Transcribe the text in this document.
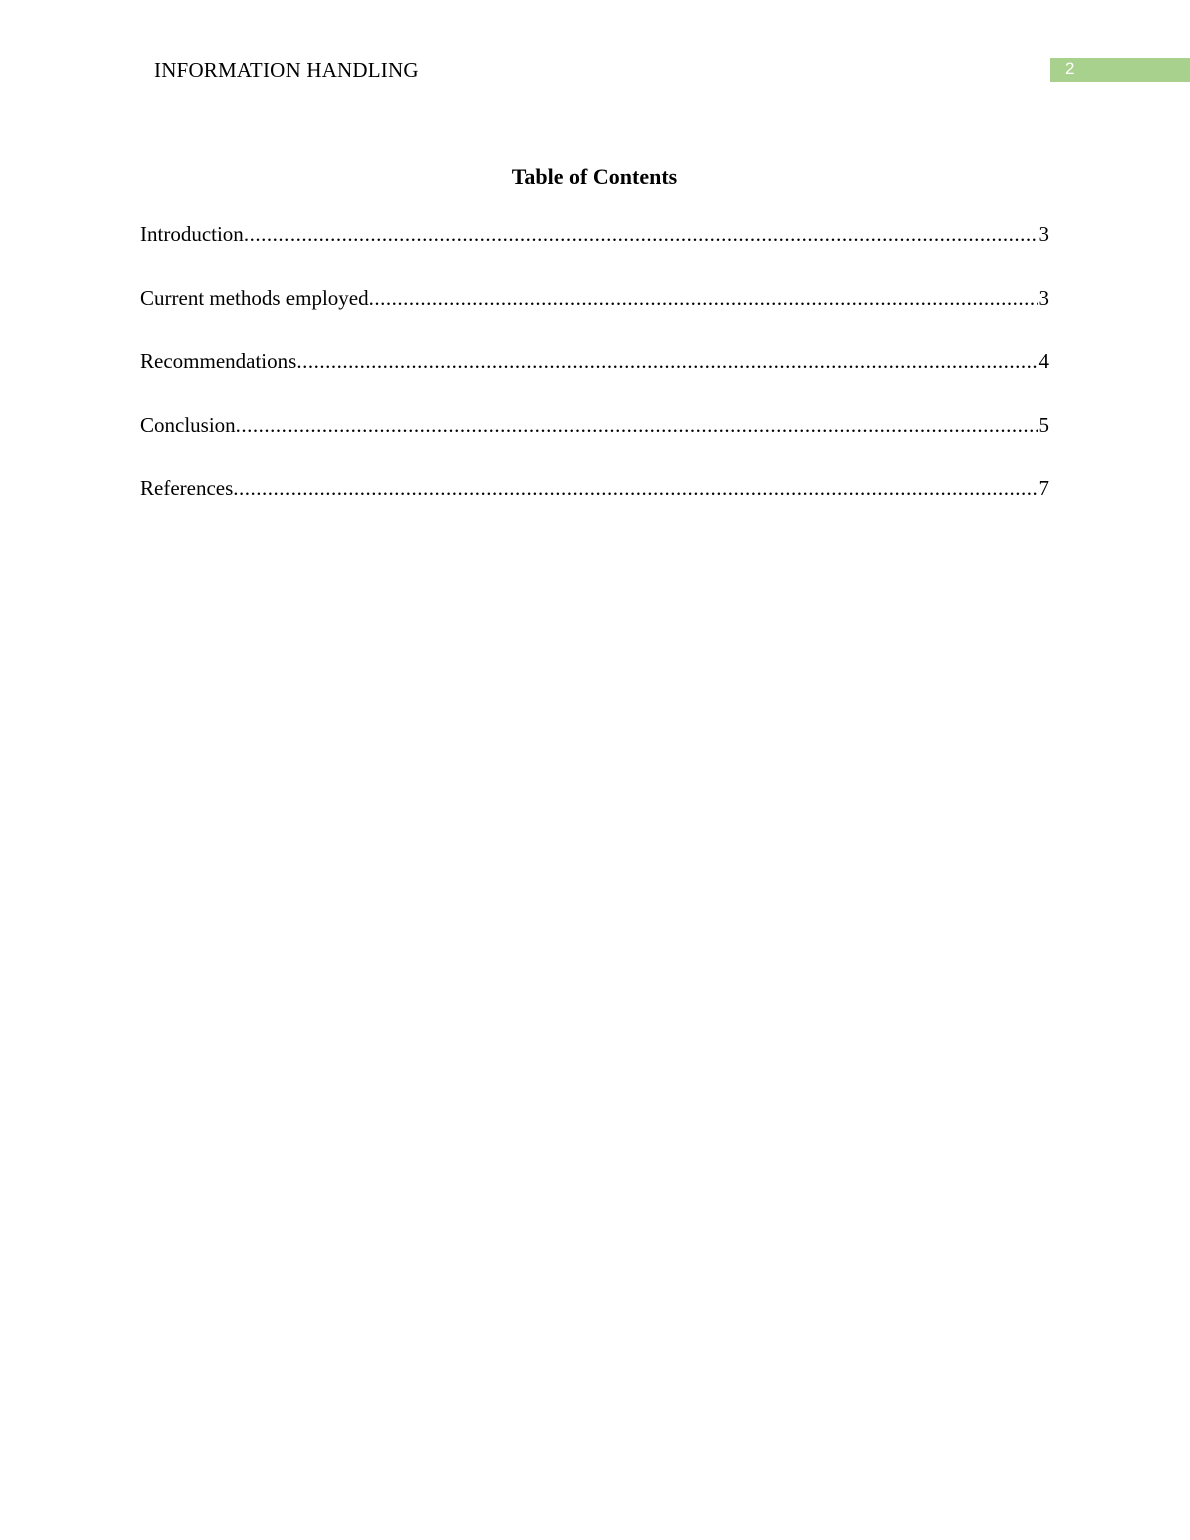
INFORMATION HANDLING	2
Table of Contents
Introduction .....	3
Current methods employed .....	3
Recommendations .....	4
Conclusion .....	5
References .....	7
